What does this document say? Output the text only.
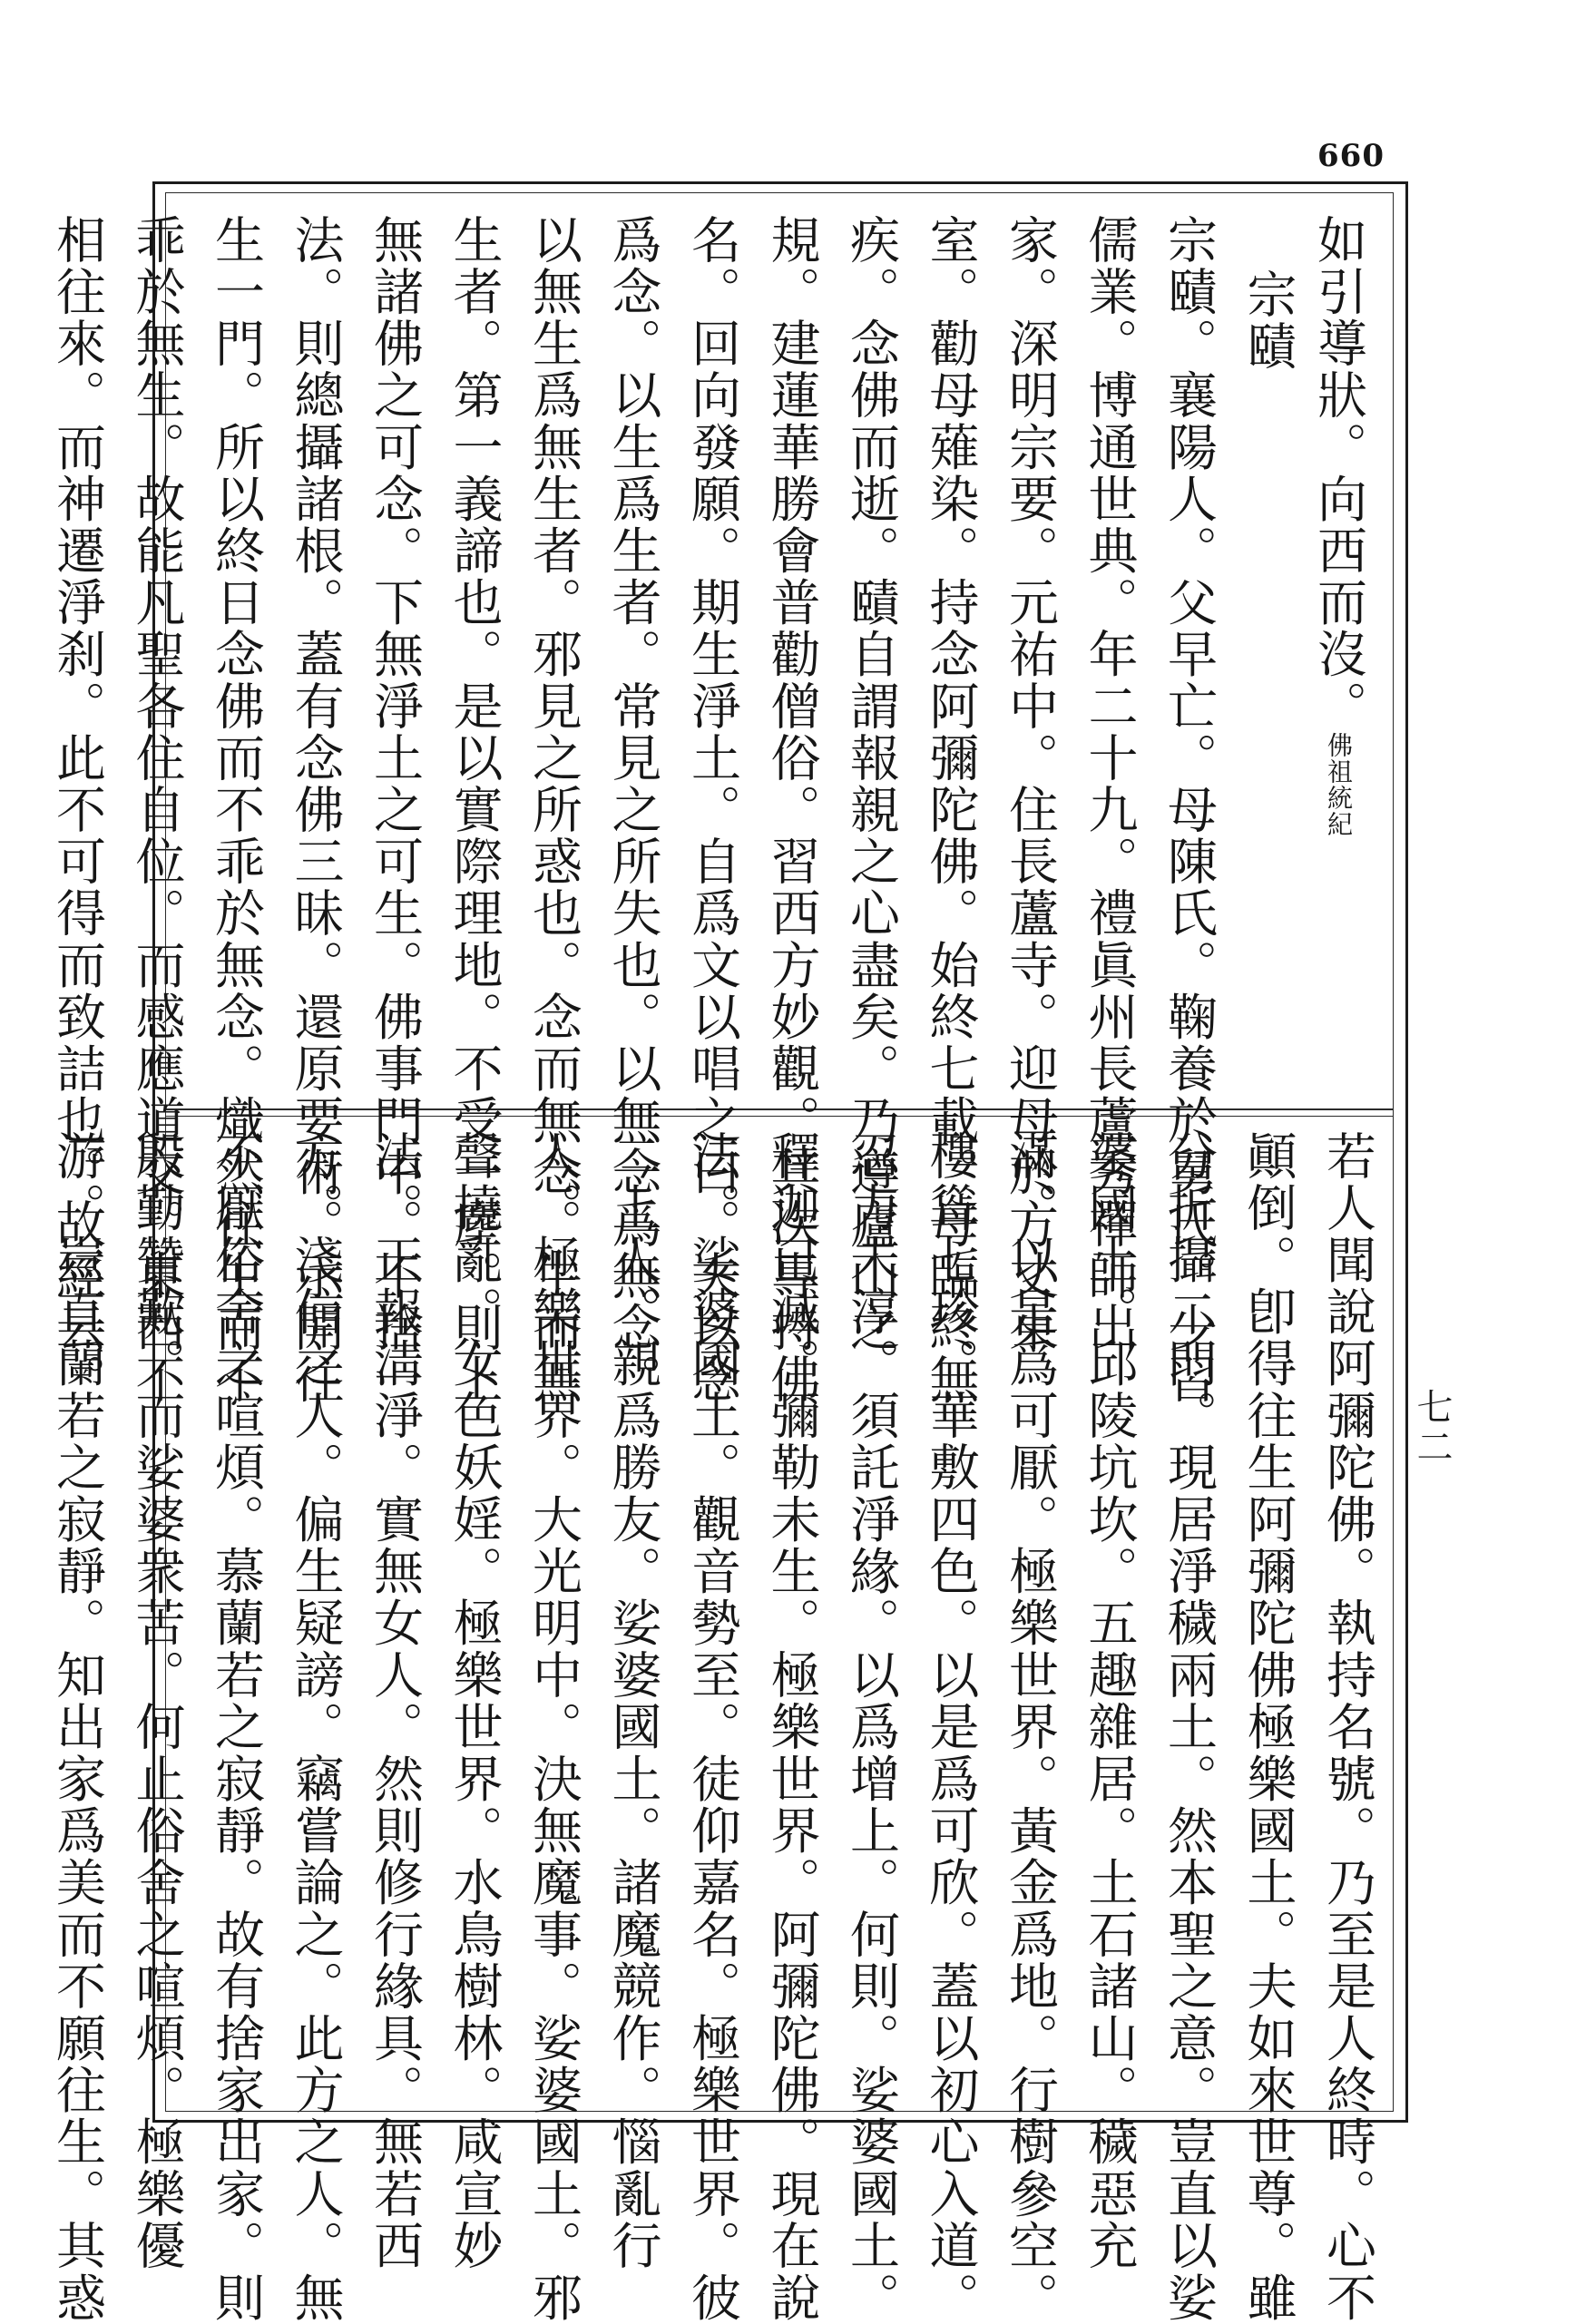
660
如引導狀。向西而沒。佛祖統紀
宗賾
宗賾。襄陽人。父早亡。母陳氏。鞠養於舅氏。少習
儒業。博通世典。年二十九。禮眞州長蘆秀禪師出
家。深明宗要。元祐中。住長蘆寺。迎母於方丈東
室。勸母薙染。持念阿彌陀佛。始終七載。母臨終無
疾。念佛而逝。賾自謂報親之心盡矣。乃遵廬山之
規。建蓮華勝會普勸僧俗。習西方妙觀。其次專持佛
名。回向發願。期生淨土。自爲文以唱之曰。夫以念
爲念。以生爲生者。常見之所失也。以無念爲無念。
以無生爲無生者。邪見之所惑也。念而無念。生而無
生者。第一義諦也。是以實際理地。不受一塵。則上
無諸佛之可念。下無淨土之可生。佛事門中。不捨一
法。則總攝諸根。蓋有念佛三昧。還原要術。示開往
生一門。所以終日念佛而不乖於無念。熾然往生而不
乖於無生。故能凡聖各住自位。而感應道交。東西不
相往來。而神遷淨刹。此不可得而致詰也。故經云。
若人聞說阿彌陀佛。執持名號。乃至是人終時。心不
顚倒。卽得往生阿彌陀佛極樂國土。夫如來世尊。雖
分折攝二門。現居淨穢兩土。然本聖之意。豈直以娑
婆國土。邱陵坑坎。五趣雜居。土石諸山。穢惡充
滿。以是爲可厭。極樂世界。黃金爲地。行樹參空。
樓聳七珍。華敷四色。以是爲可欣。蓋以初心入道。
忍力未淳。須託淨緣。以爲增上。何則。娑婆國土。
釋迦已滅。彌勒未生。極樂世界。阿彌陀佛。現在說
法。娑婆國土。觀音勢至。徒仰嘉名。極樂世界。彼
二上人。親爲勝友。娑婆國土。諸魔競作。惱亂行
人。極樂世界。大光明中。決無魔事。娑婆國土。邪
聲撓亂。女色妖婬。極樂世界。水鳥樹林。咸宣妙
法。正報淸淨。實無女人。然則修行緣具。無若西
方。淺信之人。偏生疑謗。竊嘗論之。此方之人。無
不厭俗舍之喧煩。慕蘭若之寂靜。故有捨家出家。則
殷勤贊歎。而娑婆衆苦。何止俗舍之喧煩。極樂優
游。豈直蘭若之寂靜。知出家爲美而不願往生。其惑	七二
